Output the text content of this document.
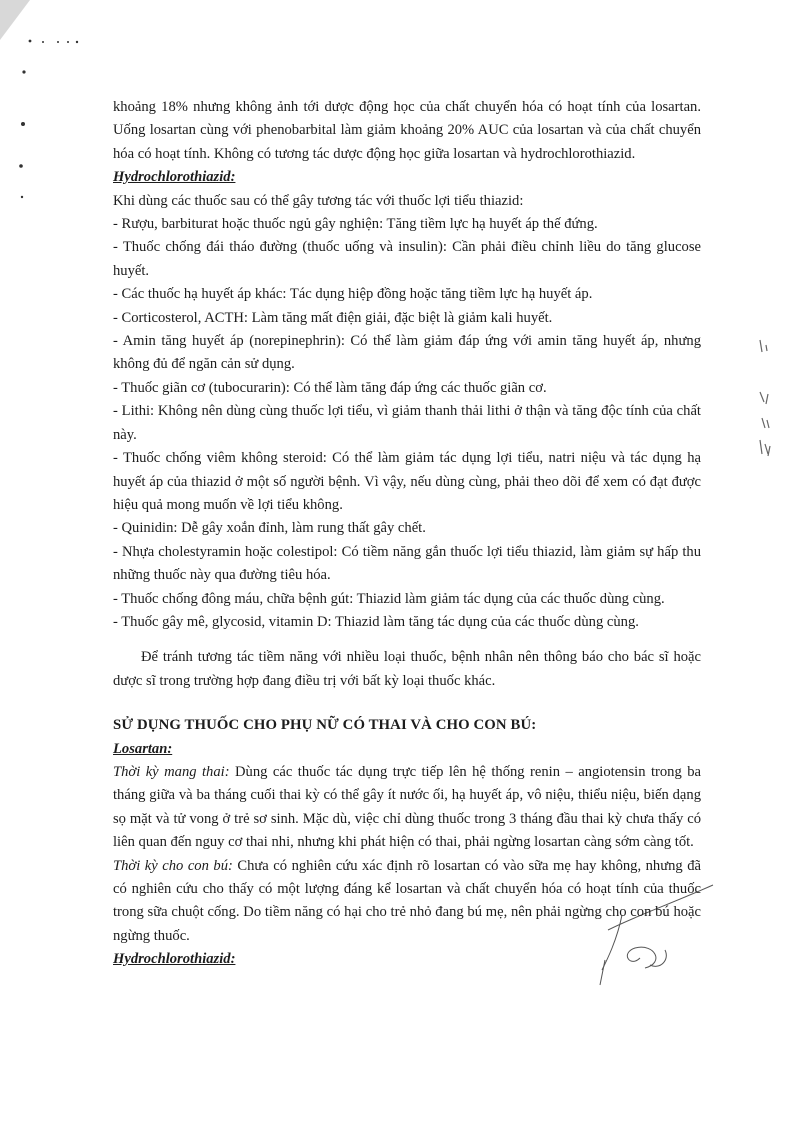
khoảng 18% nhưng không ảnh tới dược động học của chất chuyển hóa có hoạt tính của losartan. Uống losartan cùng với phenobarbital làm giảm khoảng 20% AUC của losartan và của chất chuyển hóa có hoạt tính. Không có tương tác dược động học giữa losartan và hydrochlorothiazid.

Hydrochlorothiazid:

Khi dùng các thuốc sau có thể gây tương tác với thuốc lợi tiểu thiazid:

- Rượu, barbiturat hoặc thuốc ngủ gây nghiện: Tăng tiềm lực hạ huyết áp thế đứng.

- Thuốc chống đái tháo đường (thuốc uống và insulin): Cần phải điều chỉnh liều do tăng glucose huyết.

- Các thuốc hạ huyết áp khác: Tác dụng hiệp đồng hoặc tăng tiềm lực hạ huyết áp.

- Corticosterol, ACTH: Làm tăng mất điện giải, đặc biệt là giảm kali huyết.

- Amin tăng huyết áp (norepinephrin): Có thể làm giảm đáp ứng với amin tăng huyết áp, nhưng không đủ để ngăn cản sử dụng.

- Thuốc giãn cơ (tubocurarin): Có thể làm tăng đáp ứng các thuốc giãn cơ.

- Lithi: Không nên dùng cùng thuốc lợi tiểu, vì giảm thanh thải lithi ở thận và tăng độc tính của chất này.

- Thuốc chống viêm không steroid: Có thể làm giảm tác dụng lợi tiểu, natri niệu và tác dụng hạ huyết áp của thiazid ở một số người bệnh. Vì vậy, nếu dùng cùng, phải theo dõi để xem có đạt được hiệu quả mong muốn về lợi tiểu không.

- Quinidin: Dễ gây xoắn đỉnh, làm rung thất gây chết.

- Nhựa cholestyramin hoặc colestipol: Có tiềm năng gắn thuốc lợi tiểu thiazid, làm giảm sự hấp thu những thuốc này qua đường tiêu hóa.

- Thuốc chống đông máu, chữa bệnh gút: Thiazid làm giảm tác dụng của các thuốc dùng cùng.

- Thuốc gây mê, glycosid, vitamin D: Thiazid làm tăng tác dụng của các thuốc dùng cùng.

Để tránh tương tác tiềm năng với nhiều loại thuốc, bệnh nhân nên thông báo cho bác sĩ hoặc dược sĩ trong trường hợp đang điều trị với bất kỳ loại thuốc khác.

SỬ DỤNG THUỐC CHO PHỤ NỮ CÓ THAI VÀ CHO CON BÚ:

Losartan:

Thời kỳ mang thai: Dùng các thuốc tác dụng trực tiếp lên hệ thống renin – angiotensin trong ba tháng giữa và ba tháng cuối thai kỳ có thể gây ít nước ối, hạ huyết áp, vô niệu, thiểu niệu, biến dạng sọ mặt và tử vong ở trẻ sơ sinh. Mặc dù, việc chỉ dùng thuốc trong 3 tháng đầu thai kỳ chưa thấy có liên quan đến nguy cơ thai nhi, nhưng khi phát hiện có thai, phải ngừng losartan càng sớm càng tốt.

Thời kỳ cho con bú: Chưa có nghiên cứu xác định rõ losartan có vào sữa mẹ hay không, nhưng đã có nghiên cứu cho thấy có một lượng đáng kể losartan và chất chuyển hóa có hoạt tính của thuốc trong sữa chuột cống. Do tiềm năng có hại cho trẻ nhỏ đang bú mẹ, nên phải ngừng cho con bú hoặc ngừng thuốc.

Hydrochlorothiazid:
